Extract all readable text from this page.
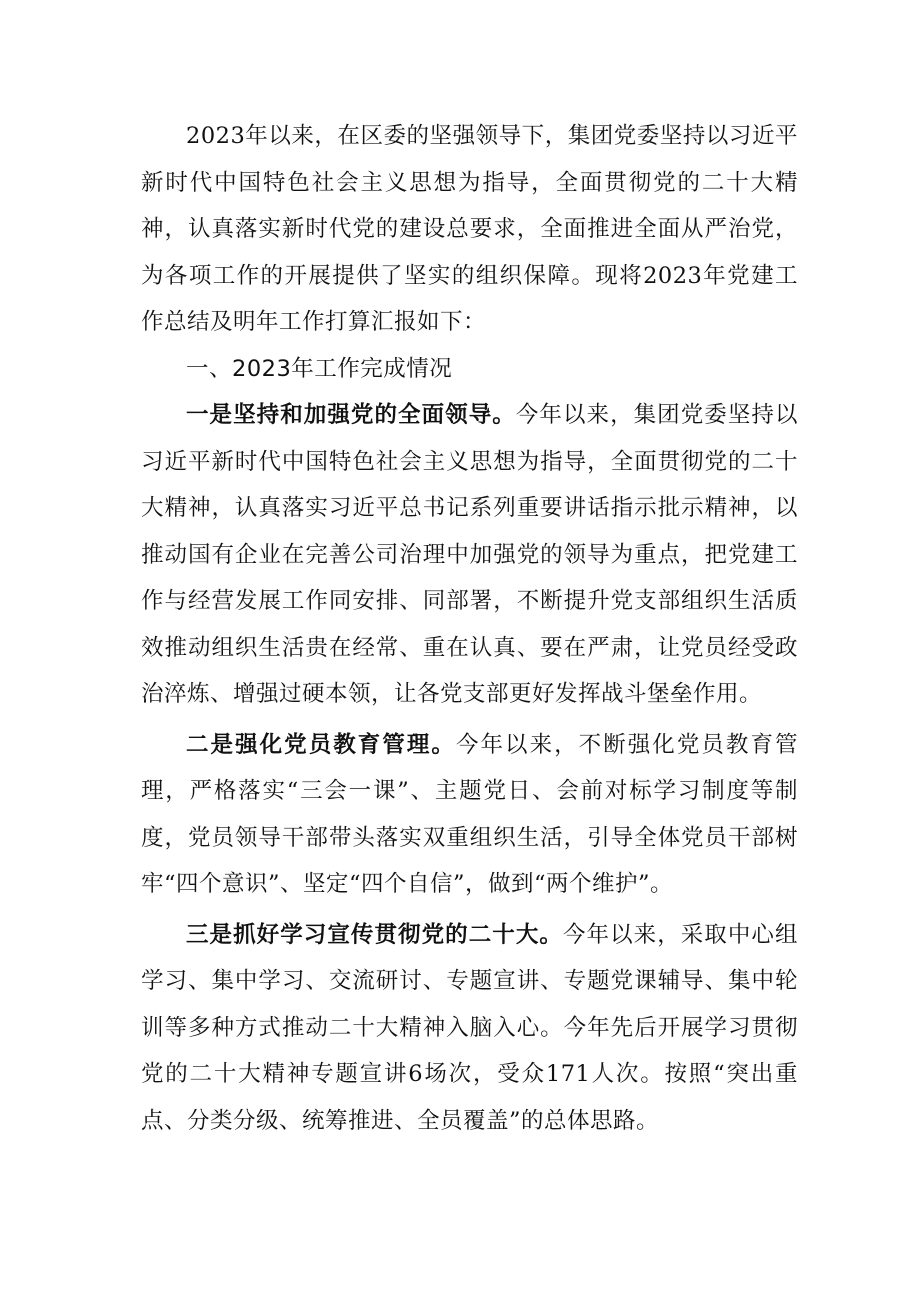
2023年以来，在区委的坚强领导下，集团党委坚持以习近平新时代中国特色社会主义思想为指导，全面贯彻党的二十大精神，认真落实新时代党的建设总要求，全面推进全面从严治党，为各项工作的开展提供了坚实的组织保障。现将2023年党建工作总结及明年工作打算汇报如下：

一、2023年工作完成情况

一是坚持和加强党的全面领导。今年以来，集团党委坚持以习近平新时代中国特色社会主义思想为指导，全面贯彻党的二十大精神，认真落实习近平总书记系列重要讲话指示批示精神，以推动国有企业在完善公司治理中加强党的领导为重点，把党建工作与经营发展工作同安排、同部署，不断提升党支部组织生活质效推动组织生活贵在经常、重在认真、要在严肃，让党员经受政治淬炼、增强过硬本领，让各党支部更好发挥战斗堡垒作用。

二是强化党员教育管理。今年以来，不断强化党员教育管理，严格落实“三会一课”、主题党日、会前对标学习制度等制度，党员领导干部带头落实双重组织生活，引导全体党员干部树牢“四个意识”、坚定“四个自信”，做到“两个维护”。

三是抓好学习宣传贯彻党的二十大。今年以来，采取中心组学习、集中学习、交流研讨、专题宣讲、专题党课辅导、集中轮训等多种方式推动二十大精神入脑入心。今年先后开展学习贯彻党的二十大精神专题宣讲6场次，受众171人次。按照“突出重点、分类分级、统筹推进、全员覆盖”的总体思路。
